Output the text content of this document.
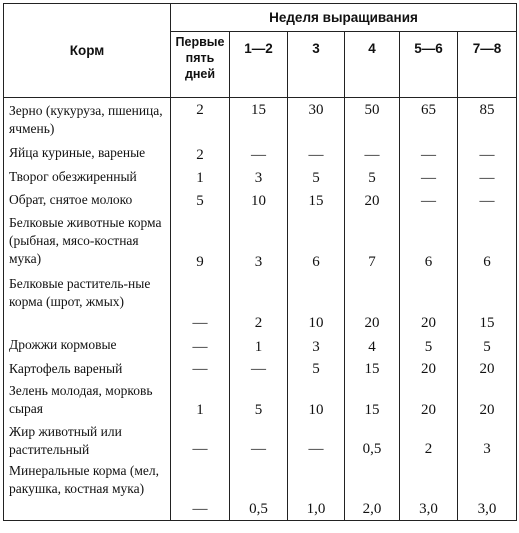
Корм	Неделя выращивания					
	Первые пять дней	1—2	3	4	5—6	7—8
Зерно (кукуруза, пшеница, ячмень)	2	15	30	50	65	85
Яйца куриные, вареные	2	—	—	—	—	—
Творог обезжиренный	1	3	5	5	—	—
Обрат, снятое молоко	5	10	15	20	—	—
Белковые животные корма (рыбная, мясо-костная мука)	9	3	6	7	6	6
Белковые раститель-ные корма (шрот, жмых)	—	2	10	20	20	15
Дрожжи кормовые	—	1	3	4	5	5
Картофель вареный	—	—	5	15	20	20
Зелень молодая, морковь сырая	1	5	10	15	20	20
Жир животный или растительный	—	—	—	0,5	2	3
Минеральные корма (мел, ракушка, костная мука)	—	0,5	1,0	2,0	3,0	3,0
